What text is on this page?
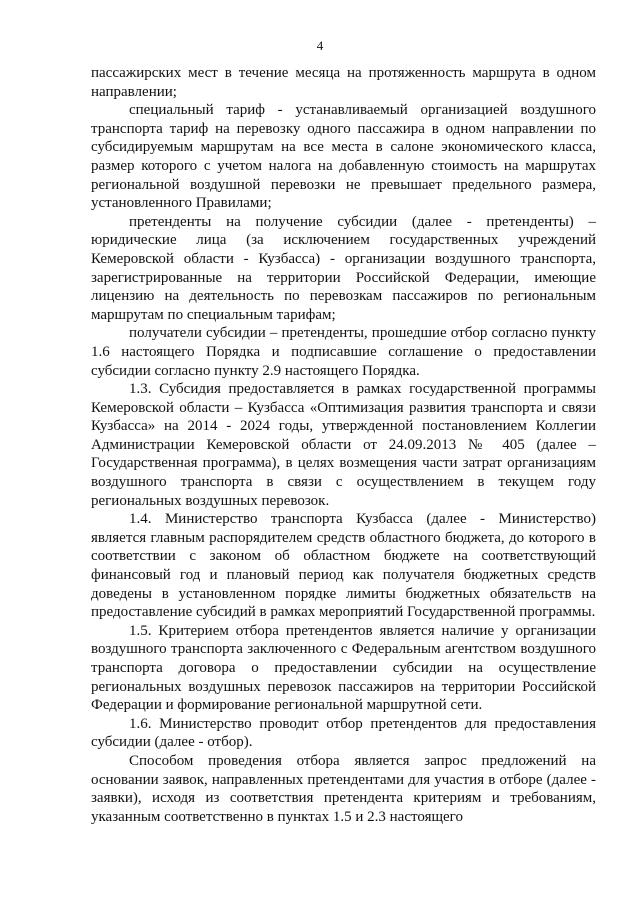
4

пассажирских мест в течение месяца на протяженность маршрута в одном направлении;

специальный тариф - устанавливаемый организацией воздушного транспорта тариф на перевозку одного пассажира в одном направлении по субсидируемым маршрутам на все места в салоне экономического класса, размер которого с учетом налога на добавленную стоимость на маршрутах региональной воздушной перевозки не превышает предельного размера, установленного Правилами;

претенденты на получение субсидии (далее - претенденты) – юридические лица (за исключением государственных учреждений Кемеровской области - Кузбасса) - организации воздушного транспорта, зарегистрированные на территории Российской Федерации, имеющие лицензию на деятельность по перевозкам пассажиров по региональным маршрутам по специальным тарифам;

получатели субсидии – претенденты, прошедшие отбор согласно пункту 1.6 настоящего Порядка и подписавшие соглашение о предоставлении субсидии согласно пункту 2.9 настоящего Порядка.

1.3. Субсидия предоставляется в рамках государственной программы Кемеровской области – Кузбасса «Оптимизация развития транспорта и связи Кузбасса» на 2014 - 2024 годы, утвержденной постановлением Коллегии Администрации Кемеровской области от 24.09.2013 № 405 (далее – Государственная программа), в целях возмещения части затрат организациям воздушного транспорта в связи с осуществлением в текущем году региональных воздушных перевозок.

1.4. Министерство транспорта Кузбасса (далее - Министерство) является главным распорядителем средств областного бюджета, до которого в соответствии с законом об областном бюджете на соответствующий финансовый год и плановый период как получателя бюджетных средств доведены в установленном порядке лимиты бюджетных обязательств на предоставление субсидий в рамках мероприятий Государственной программы.

1.5. Критерием отбора претендентов является наличие у организации воздушного транспорта заключенного с Федеральным агентством воздушного транспорта договора о предоставлении субсидии на осуществление региональных воздушных перевозок пассажиров на территории Российской Федерации и формирование региональной маршрутной сети.

1.6. Министерство проводит отбор претендентов для предоставления субсидии (далее - отбор).

Способом проведения отбора является запрос предложений на основании заявок, направленных претендентами для участия в отборе (далее - заявки), исходя из соответствия претендента критериям и требованиям, указанным соответственно в пунктах 1.5 и 2.3 настоящего
